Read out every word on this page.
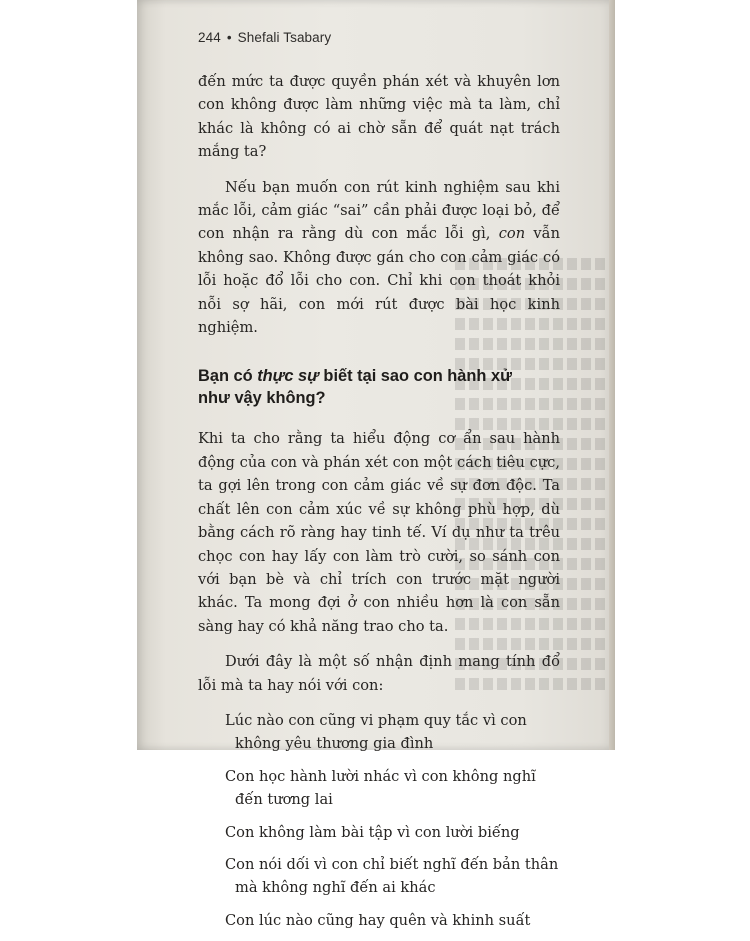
244 • Shefali Tsabary

đến mức ta được quyền phán xét và khuyên lơn con không được làm những việc mà ta làm, chỉ khác là không có ai chờ sẵn để quát nạt trách mắng ta?

Nếu bạn muốn con rút kinh nghiệm sau khi mắc lỗi, cảm giác “sai” cần phải được loại bỏ, để con nhận ra rằng dù con mắc lỗi gì, con vẫn không sao. Không được gán cho con cảm giác có lỗi hoặc đổ lỗi cho con. Chỉ khi con thoát khỏi nỗi sợ hãi, con mới rút được bài học kinh nghiệm.

Bạn có thực sự biết tại sao con hành xử
như vậy không?

Khi ta cho rằng ta hiểu động cơ ẩn sau hành động của con và phán xét con một cách tiêu cực, ta gợi lên trong con cảm giác về sự đơn độc. Ta chất lên con cảm xúc về sự không phù hợp, dù bằng cách rõ ràng hay tinh tế. Ví dụ như ta trêu chọc con hay lấy con làm trò cười, so sánh con với bạn bè và chỉ trích con trước mặt người khác. Ta mong đợi ở con nhiều hơn là con sẵn sàng hay có khả năng trao cho ta.

Dưới đây là một số nhận định mang tính đổ lỗi mà ta hay nói với con:

Lúc nào con cũng vi phạm quy tắc vì con không yêu thương gia đình
Con học hành lười nhác vì con không nghĩ đến tương lai
Con không làm bài tập vì con lười biếng
Con nói dối vì con chỉ biết nghĩ đến bản thân mà không nghĩ đến ai khác
Con lúc nào cũng hay quên và khinh suất
